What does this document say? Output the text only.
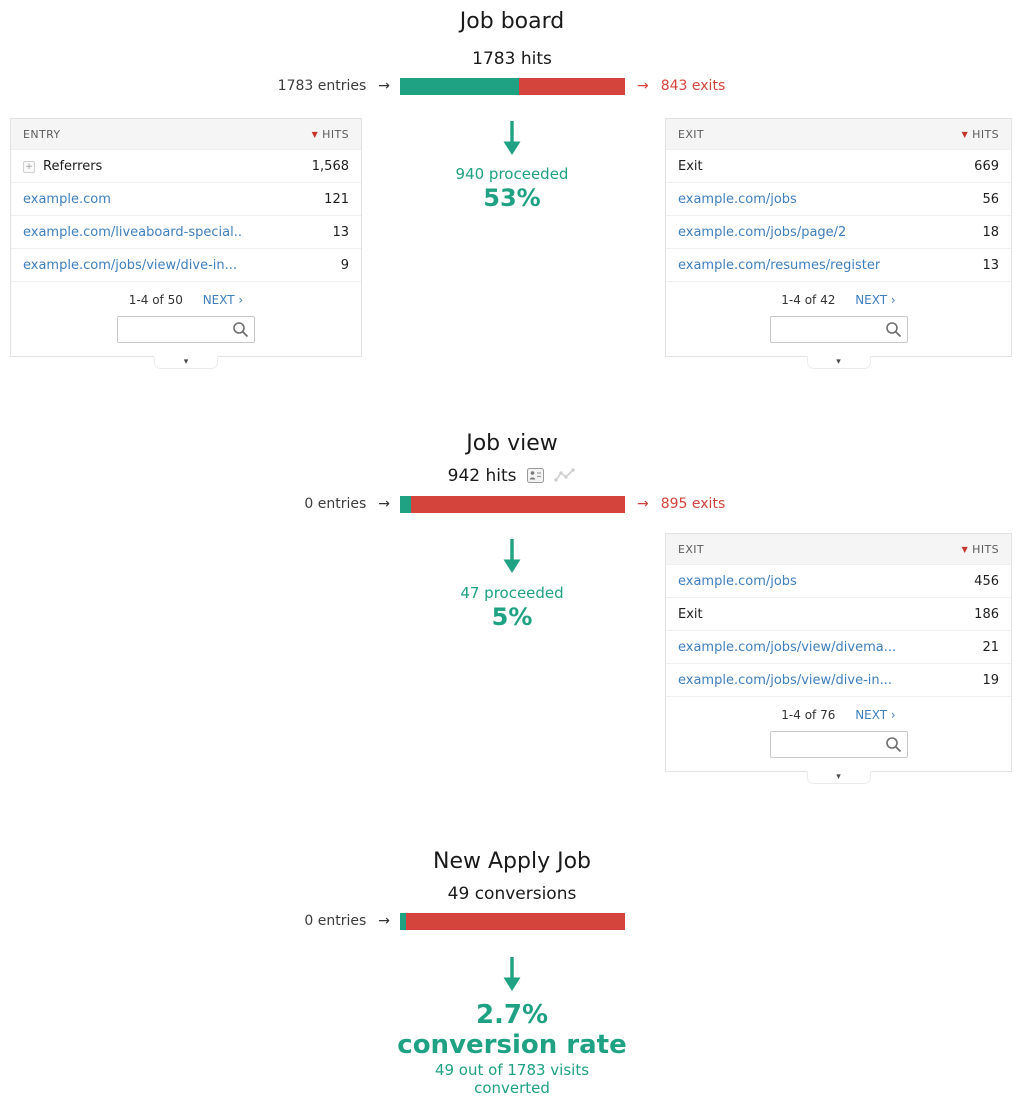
Job board
1783 hits
1783 entries →	→ 843 exits
ENTRY	▼ HITS
+ Referrers	1,568
example.com	121
example.com/liveaboard-special..	13
example.com/jobs/view/dive-in...	9
1-4 of 50 NEXT ›
▾
940 proceeded
53%
EXIT	▼ HITS
Exit	669
example.com/jobs	56
example.com/jobs/page/2	18
example.com/resumes/register	13
1-4 of 42 NEXT ›
▾
Job view
942 hits
0 entries →	→ 895 exits
47 proceeded
5%
EXIT	▼ HITS
example.com/jobs	456
Exit	186
example.com/jobs/view/divema...	21
example.com/jobs/view/dive-in...	19
1-4 of 76 NEXT ›
▾
New Apply Job
49 conversions
0 entries →
2.7%
conversion rate
49 out of 1783 visits
converted
